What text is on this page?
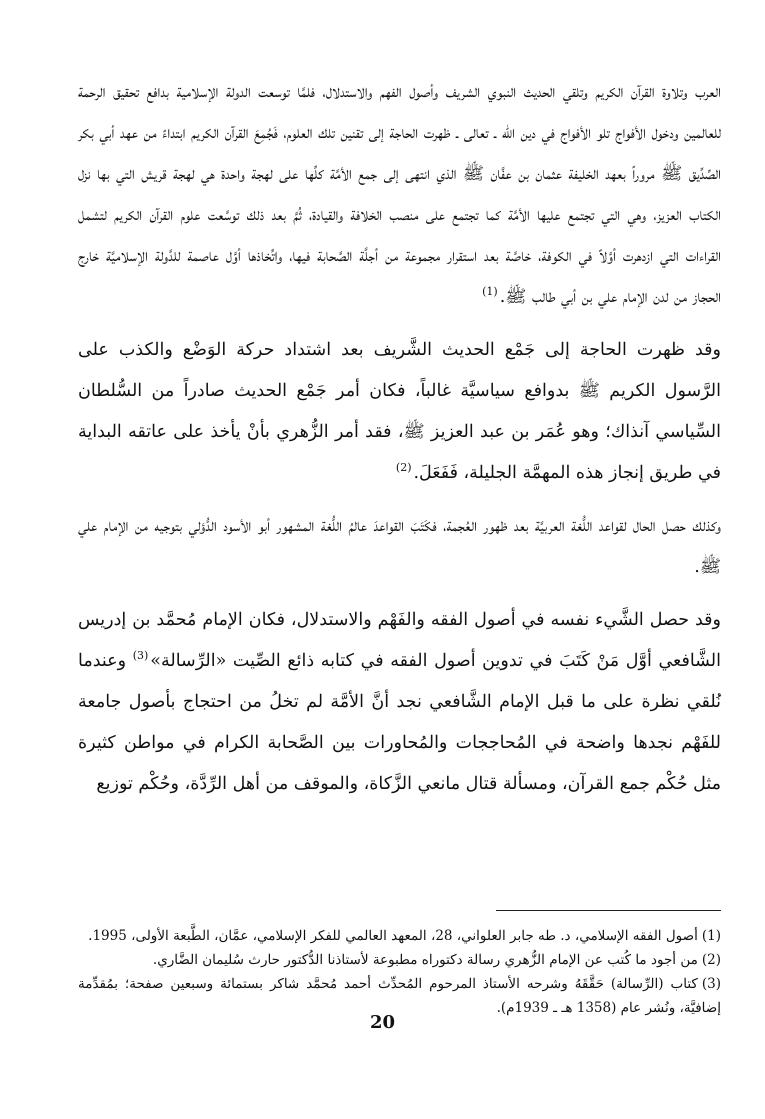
العرب وتلاوة القرآن الكريم وتلقي الحديث النبوي الشريف وأصول الفهم والاستدلال، فلمَّا توسعت الدولة الإسلامية بدافع تحقيق الرحمة للعالمين ودخول الأفواج تلو الأفواج في دين الله ـ تعالى ـ ظهرت الحاجة إلى تقنين تلك العلوم، فَجُمِعَ القرآن الكريم ابتداءً من عهد أبي بكر الصِّدِّيق ﷺ مروراً بعهد الخليفة عثمان بن عفَّان ﷺ الذي انتهى إلى جمع الأمَّة كلِّها على لهجة واحدة هي لهجة قريش التي بها نزل الكتاب العزيز، وهي التي تجتمع عليها الأمَّة كما تجتمع على منصب الخلافة والقيادة، ثُمَّ بعد ذلك توسَّعت علوم القرآن الكريم لتشمل القراءات التي ازدهرت أوَّلاً في الكوفة، خاصَّة بعد استقرار مجموعة من أجلَّة الصَّحابة فيها، واتِّخاذها أوَّل عاصمة للدَّولة الإسلاميَّة خارج الحجاز من لدن الإمام علي بن أبي طالب ﷺ.$^{(1)}$

وقد ظهرت الحاجة إلى جَمْع الحديث الشَّريف بعد اشتداد حركة الوَضْع والكذب على الرَّسول الكريم ﷺ بدوافع سياسيَّة غالباً، فكان أمر جَمْع الحديث صادراً من السُّلطان السِّياسي آنذاك؛ وهو عُمَر بن عبد العزيز ﷺ، فقد أمر الزُّهري بأنْ يأخذ على عاتقه البداية في طريق إنجاز هذه المهمَّة الجليلة، فَفَعَلَ.$^{(2)}$

وكذلك حصل الحال لقواعد اللُّغة العربيَّة بعد ظهور العُجمة، فكَتَبَ القواعدَ عالمُ اللُّغة المشهور أبو الأسود الدُّؤلي بتوجيه من الإمام علي ﷺ.

وقد حصل الشَّيء نفسه في أصول الفقه والفَهْم والاستدلال، فكان الإمام مُحمَّد بن إدريس الشَّافعي أوَّل مَنْ كَتَبَ في تدوين أصول الفقه في كتابه ذائع الصِّيت «الرِّسالة»$^{(3)}$ وعندما نُلقي نظرة على ما قبل الإمام الشَّافعي نجد أنَّ الأمَّة لم تخلُ من احتجاج بأصول جامعة للفَهْم نجدها واضحة في المُحاججات والمُحاورات بين الصَّحابة الكرام في مواطن كثيرة مثل حُكْم جمع القرآن، ومسألة قتال مانعي الزَّكاة، والموقف من أهل الرِّدَّة، وحُكْم توزيع

(1)أصول الفقه الإسلامي، د. طه جابر العلواني، 28، المعهد العالمي للفكر الإسلامي، عمَّان، الطَّبعة الأولى، 1995.

(2)من أجود ما كُتب عن الإمام الزُّهري رسالة دكتوراه مطبوعة لأستاذنا الدُّكتور حارث سُليمان الضَّاري.

(3)كتاب (الرِّسالة) حَقَّقَهُ وشرحه الأستاذ المرحوم المُحدِّث أحمد مُحمَّد شاكر بستمائة وسبعين صفحة؛ بمُقدِّمة إضافيَّة، ونُشر عام (1358 هـ ـ 1939م).

20
